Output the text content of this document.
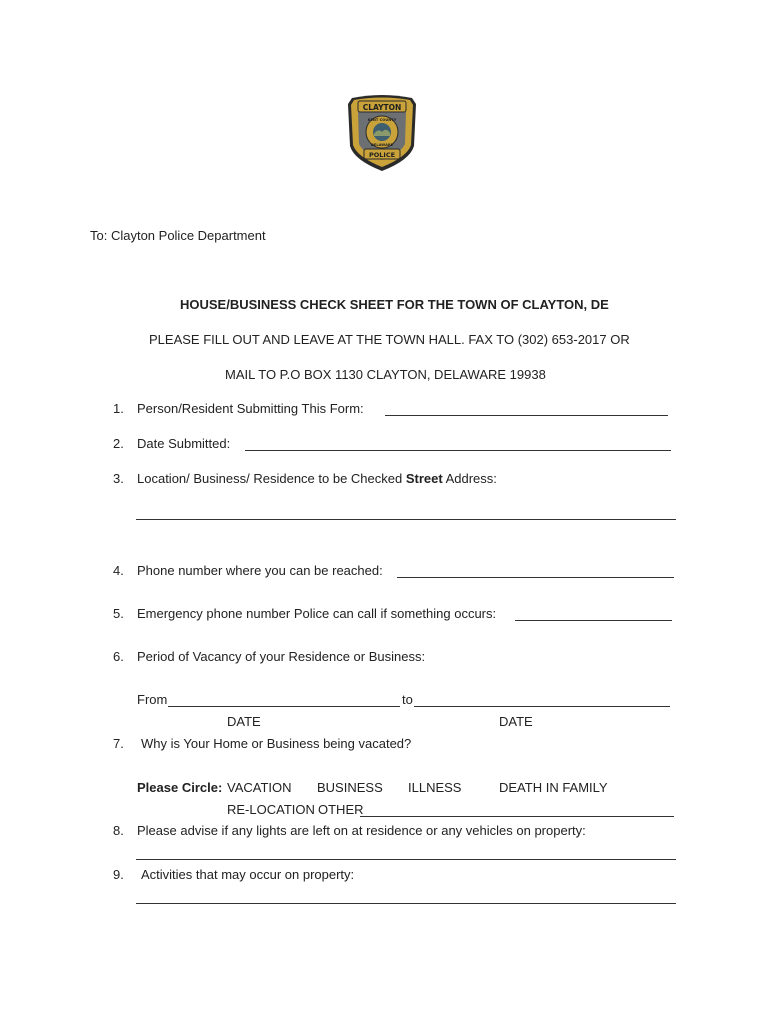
CLAYTON
KENT COUNTY
DELAWARE
POLICE
To: Clayton Police Department
HOUSE/BUSINESS CHECK SHEET FOR THE TOWN OF CLAYTON, DE
PLEASE FILL OUT AND LEAVE AT THE TOWN HALL. FAX TO (302) 653-2017 OR
MAIL TO P.O BOX 1130 CLAYTON, DELAWARE 19938
1. Person/Resident Submitting This Form:
2. Date Submitted:
3. Location/ Business/ Residence to be Checked Street Address:
4. Phone number where you can be reached:
5. Emergency phone number Police can call if something occurs:
6. Period of Vacancy of your Residence or Business:
From	to
DATE	DATE
7. Why is Your Home or Business being vacated?
Please Circle: VACATION BUSINESS ILLNESS	DEATH IN FAMILY
RE-LOCATION OTHER
8. Please advise if any lights are left on at residence or any vehicles on property:
9. Activities that may occur on property:
